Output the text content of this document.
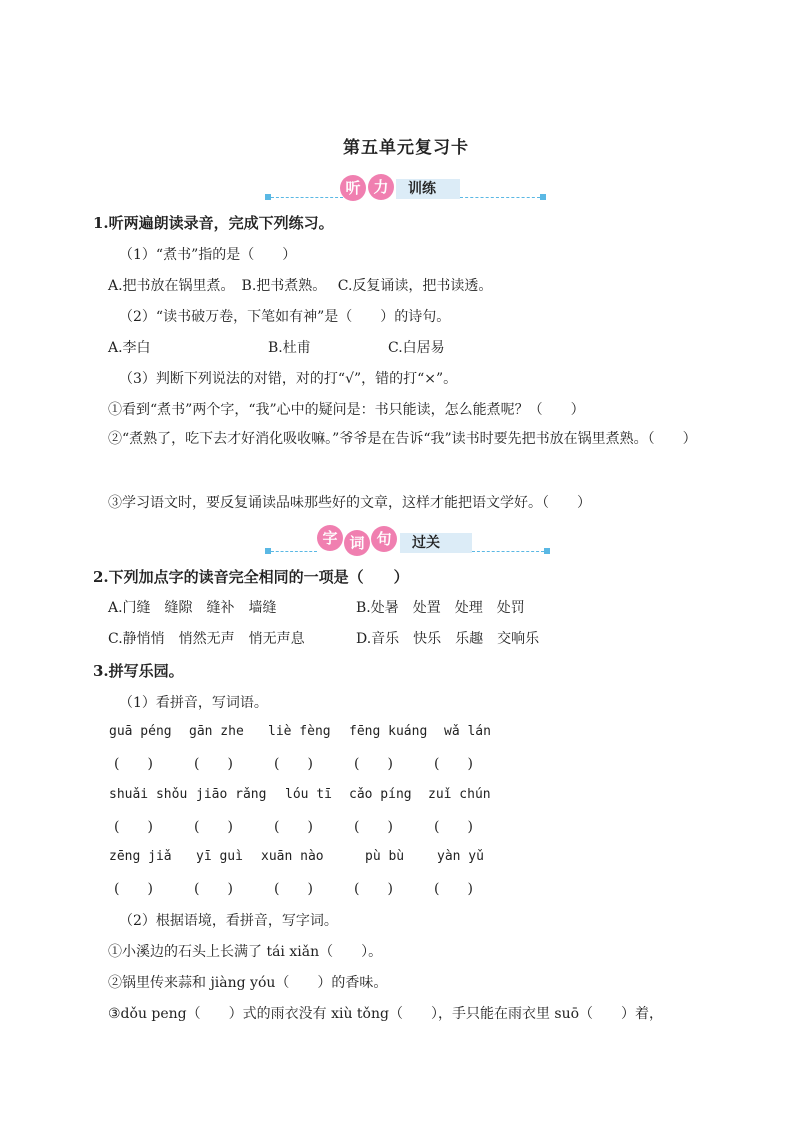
第五单元复习卡
听 力	训练
1.听两遍朗读录音，完成下列练习。
（1）“煮书”指的是（　　）
A.把书放在锅里煮。　B.把书煮熟。　 C.反复诵读，把书读透。
（2）“读书破万卷，下笔如有神”是（　　）的诗句。
A.李白	B.杜甫	C.白居易
（3）判断下列说法的对错，对的打“√”，错的打“×”。
①看到“煮书”两个字，“我”心中的疑问是：书只能读，怎么能煮呢？（　　）
②“煮熟了，吃下去才好消化吸收嘛。”爷爷是在告诉“我”读书时要先把书放在锅里煮熟。（　　）
③学习语文时，要反复诵读品味那些好的文章，这样才能把语文学好。（　　）
字 词 句	过关
2.下列加点字的读音完全相同的一项是（　　）
A.门缝　缝隙　缝补　墙缝	B.处暑　处置　处理　处罚
C.静悄悄　悄然无声　悄无声息	D.音乐　快乐　乐趣　交响乐
3.拼写乐园。
（1）看拼音，写词语。
guā péng gān zhe liè fèng fēng kuáng wǎ lán
(　　)	(　　)	(　　)	(　　)	(　　)
shuǎi shǒu jiāo rǎng lóu tī cǎo píng zuǐ chún
(　　)	(　　)	(　　)	(　　)	(　　)
zēng jiǎ yī guì xuān nào	pù bù	yàn yǔ
(　　)	(　　)	(　　)	(　　)	(　　)
（2）根据语境，看拼音，写字词。
①小溪边的石头上长满了 tái xiǎn（　　）。
②锅里传来蒜和 jiàng yóu（　　）的香味。
③dǒu peng（　　）式的雨衣没有 xiù tǒng（　　），手只能在雨衣里 suō（　　）着，
